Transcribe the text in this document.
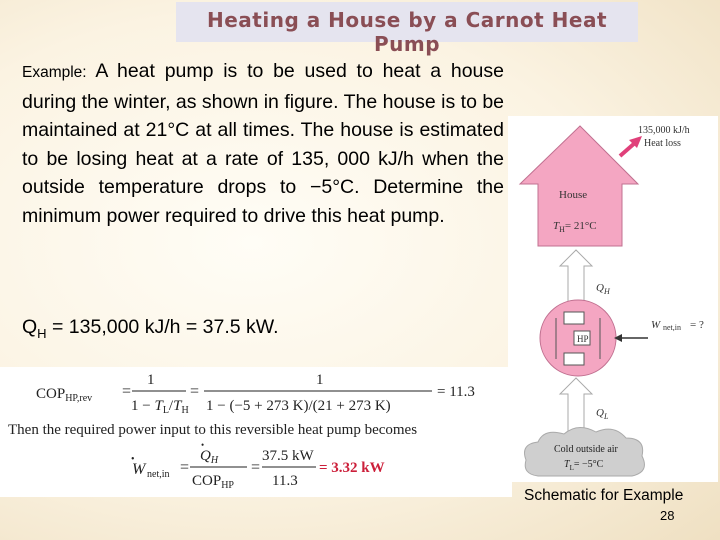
Heating a House by a Carnot Heat Pump
Example: A heat pump is to be used to heat a house during the winter, as shown in figure. The house is to be maintained at 21°C at all times. The house is estimated to be losing heat at a rate of 135, 000 kJ/h when the outside temperature drops to −5°C. Determine the minimum power required to drive this heat pump.
$Q_H = 135,000$ kJ/h = 37.5 kW.
$COP_{HP,rev}$ =
1
$1 - T_L/T_H$
=
1
1 − (−5 + 273 K)/(21 + 273 K)
= 11.3
Then the required power input to this reversible heat pump becomes
W
•
net,in =
$Q_H$
•
$COP_{HP}$
=
37.5 kW
11.3
= 3.32 kW
House
$T_H= 21^\circ C$
135,000 kJ/h
Heat loss
$Q_H$
HP
W net,in = ?
$Q_L$
Cold outside air
$T_L= -5^\circ C$
Schematic for Example
28
